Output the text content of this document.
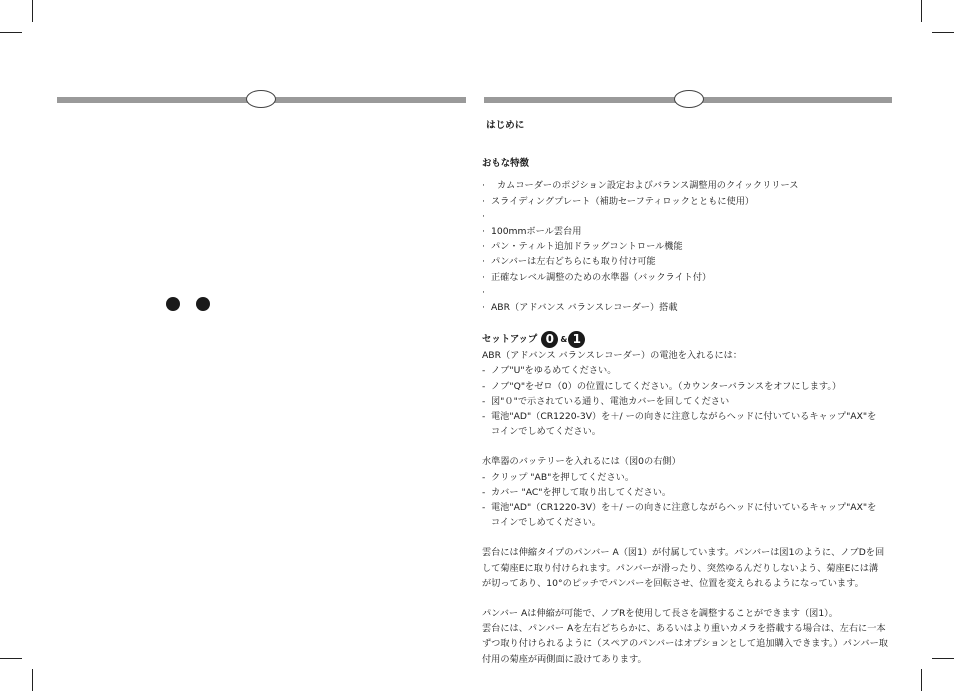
はじめに

おもな特徴

·	カムコーダーのポジション設定およびバランス調整用のクイックリリース
· スライディングプレート（補助セーフティロックとともに使用）
·
· 100mmボール雲台用
· パン・ティルト追加ドラッグコントロール機能
· パンバーは左右どちらにも取り付け可能
· 正確なレベル調整のための水準器（バックライト付）
·
· ABR（アドバンス バランスレコーダー）搭載
セットアップ 0 & 1

ABR（アドバンス バランスレコーダー）の電池を入れるには：

- ノブ"U"をゆるめてください。
- ノブ"Q"をゼロ（0）の位置にしてください。（カウンターバランスをオフにします。）
- 図"０"で示されている通り、電池カバーを回してください
- 電池"AD"（CR1220-3V）を＋/ ーの向きに注意しながらヘッドに付いているキャップ"AX"を

コインでしめてください。

水準器のバッテリーを入れるには（図0の右側）

- クリップ "AB"を押してください。
- カバー "AC"を押して取り出してください。
- 電池"AD"（CR1220-3V）を＋/ ーの向きに注意しながらヘッドに付いているキャップ"AX"を

コインでしめてください。

雲台には伸縮タイプのパンバー A（図1）が付属しています。パンバーは図1のように、ノブDを回

して菊座Eに取り付けられます。パンバーが滑ったり、突然ゆるんだりしないよう、菊座Eには溝

が切ってあり、10°のピッチでパンバーを回転させ、位置を変えられるようになっています。

パンバー Aは伸縮が可能で、ノブRを使用して長さを調整することができます（図1）。

雲台には、パンバー Aを左右どちらかに、あるいはより重いカメラを搭載する場合は、左右に一本

ずつ取り付けられるように（スペアのパンバーはオプションとして追加購入できます。）パンバー取

付用の菊座が両側面に設けてあります。
